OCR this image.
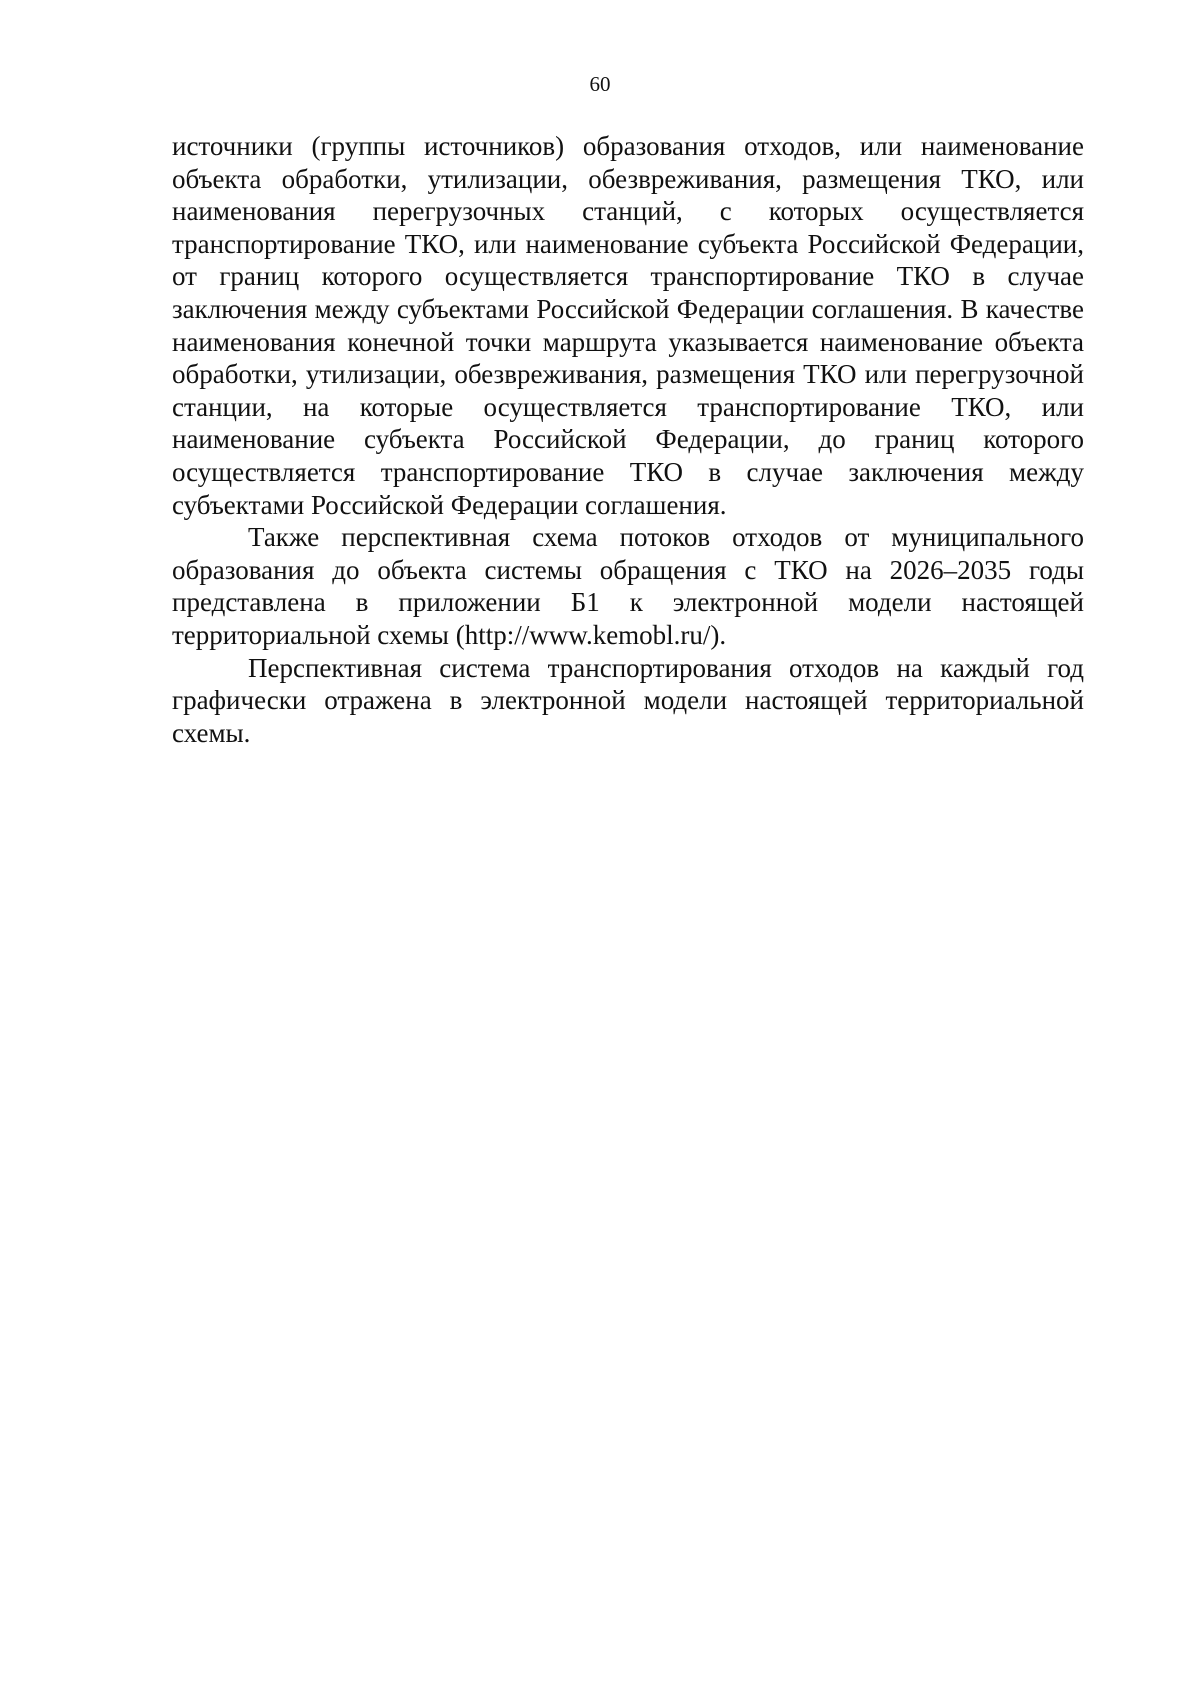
60

источники (группы источников) образования отходов, или наименование объекта обработки, утилизации, обезвреживания, размещения ТКО, или наименования перегрузочных станций, с которых осуществляется транспортирование ТКО, или наименование субъекта Российской Федерации, от границ которого осуществляется транспортирование ТКО в случае заключения между субъектами Российской Федерации соглашения. В качестве наименования конечной точки маршрута указывается наименование объекта обработки, утилизации, обезвреживания, размещения ТКО или перегрузочной станции, на которые осуществляется транспортирование ТКО, или наименование субъекта Российской Федерации, до границ которого осуществляется транспортирование ТКО в случае заключения между субъектами Российской Федерации соглашения.

Также перспективная схема потоков отходов от муниципального образования до объекта системы обращения с ТКО на 2026–2035 годы представлена в приложении Б1 к электронной модели настоящей территориальной схемы (http://www.kemobl.ru/).

Перспективная система транспортирования отходов на каждый год графически отражена в электронной модели настоящей территориальной схемы.
